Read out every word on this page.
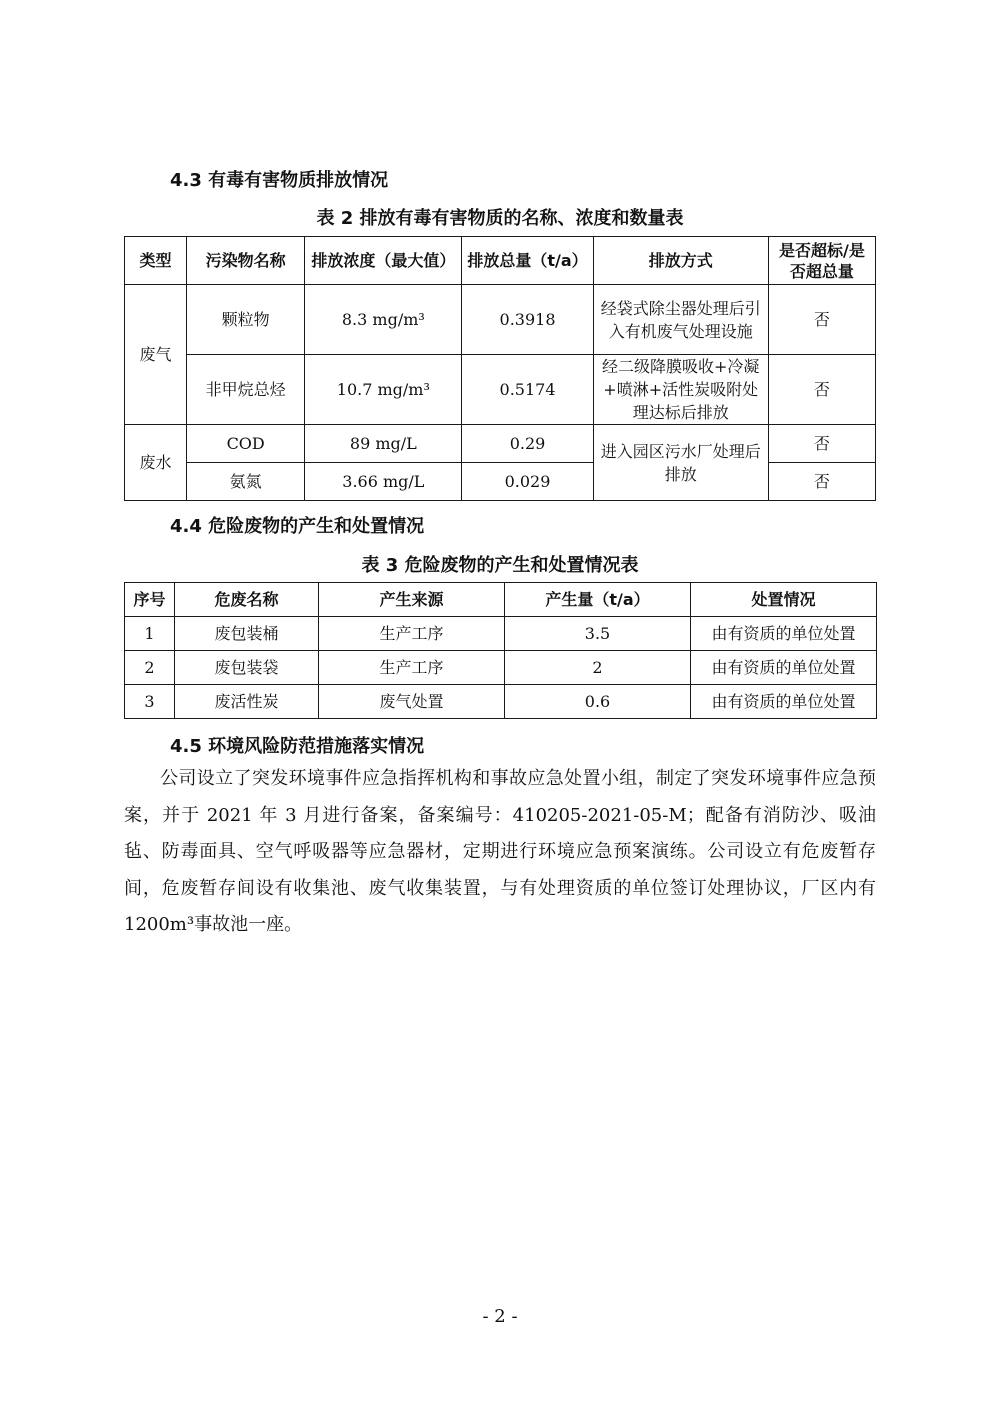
4.3 有毒有害物质排放情况
表 2 排放有毒有害物质的名称、浓度和数量表
类型	污染物名称	排放浓度（最大值）	排放总量（t/a）	排放方式	是否超标/是否超总量
废气	颗粒物	8.3 mg/m³	0.3918	经袋式除尘器处理后引入有机废气处理设施	否
	非甲烷总烃	10.7 mg/m³	0.5174	经二级降膜吸收+冷凝+喷淋+活性炭吸附处理达标后排放	否
废水	COD	89 mg/L	0.29	进入园区污水厂处理后排放	否
	氨氮	3.66 mg/L	0.029		否
4.4 危险废物的产生和处置情况
表 3 危险废物的产生和处置情况表
序号	危废名称	产生来源	产生量（t/a）	处置情况
1	废包装桶	生产工序	3.5	由有资质的单位处置
2	废包装袋	生产工序	2	由有资质的单位处置
3	废活性炭	废气处置	0.6	由有资质的单位处置
4.5 环境风险防范措施落实情况

公司设立了突发环境事件应急指挥机构和事故应急处置小组，制定了突发环境事件应急预案，并于 2021 年 3 月进行备案，备案编号：410205-2021-05-M；配备有消防沙、吸油毡、防毒面具、空气呼吸器等应急器材，定期进行环境应急预案演练。公司设立有危废暂存间，危废暂存间设有收集池、废气收集装置，与有处理资质的单位签订处理协议，厂区内有 1200m³事故池一座。

- 2 -
